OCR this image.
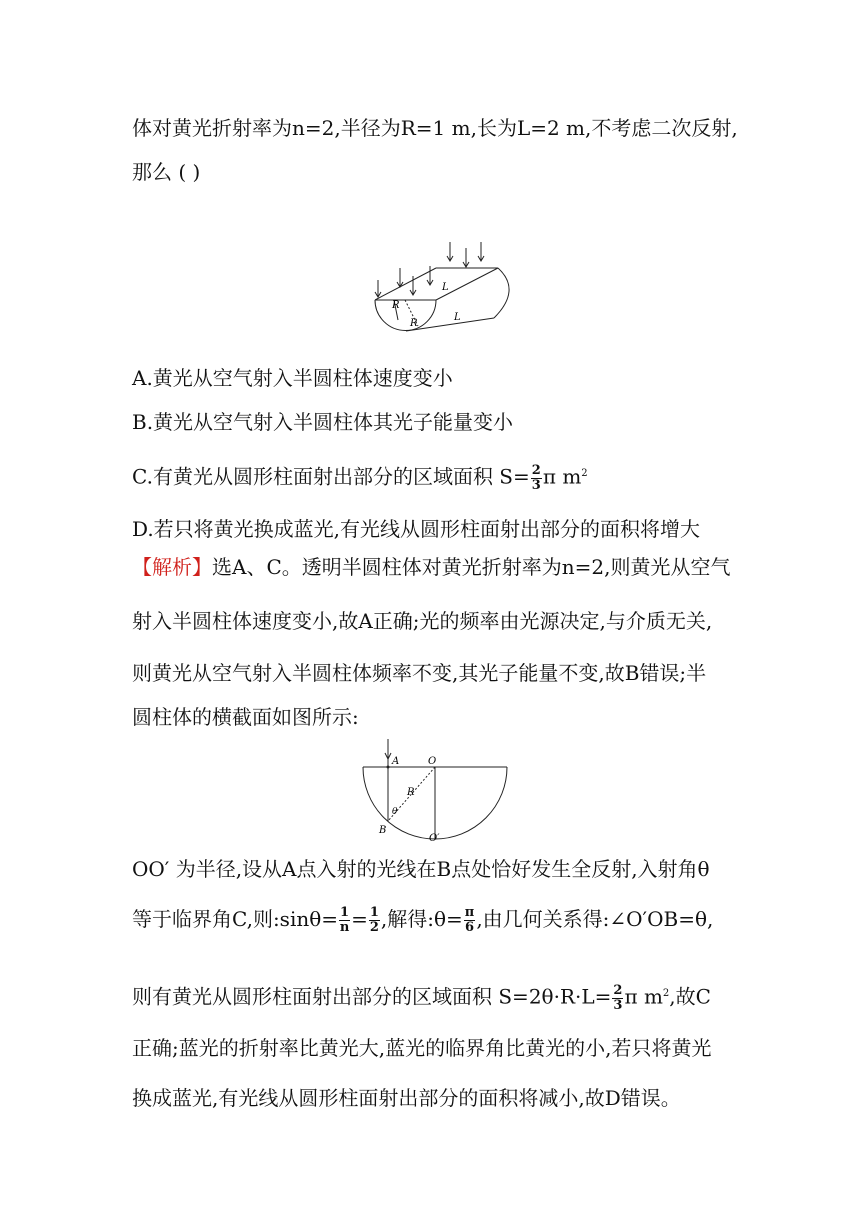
体对黄光折射率为n=2,半径为R=1 m,长为L=2 m,不考虑二次反射,
那么 ( )
L
R
R
L
A.黄光从空气射入半圆柱体速度变小
B.黄光从空气射入半圆柱体其光子能量变小
C.有黄光从圆形柱面射出部分的区域面积 $S= \frac{2}{3}$ π $m^2$
D.若只将黄光换成蓝光,有光线从圆形柱面射出部分的面积将增大
【解析】选A、C。透明半圆柱体对黄光折射率为n=2,则黄光从空气
射入半圆柱体速度变小,故A正确;光的频率由光源决定,与介质无关,
则黄光从空气射入半圆柱体频率不变,其光子能量不变,故B错误;半
圆柱体的横截面如图所示:
A	O
R
θ
B
O′
OO′ 为半径,设从A点入射的光线在B点处恰好发生全反射,入射角θ
等于临界角C,则:sinθ= $\frac{1}{n} = \frac{1}{2}$ ,解得:θ= $\frac{\pi}{6}$ ,由几何关系得:∠O′OB=θ,
则有黄光从圆形柱面射出部分的区域面积 $S=2\theta\cdot R\cdot L= \frac{2}{3}$ π $m^2$,故C
正确;蓝光的折射率比黄光大,蓝光的临界角比黄光的小,若只将黄光
换成蓝光,有光线从圆形柱面射出部分的面积将减小,故D错误。
